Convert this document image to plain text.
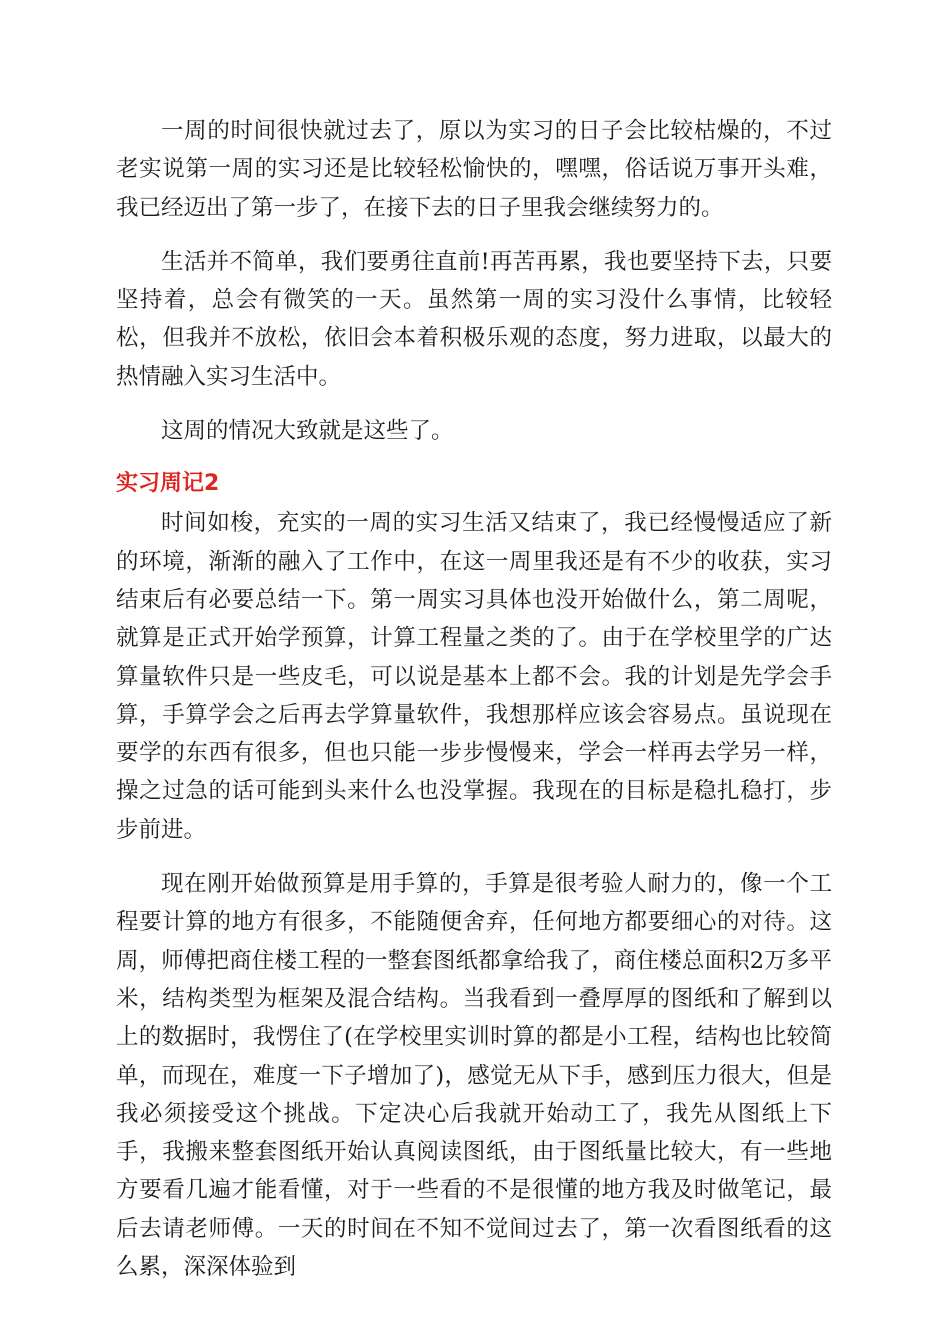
一周的时间很快就过去了，原以为实习的日子会比较枯燥的，不过老实说第一周的实习还是比较轻松愉快的，嘿嘿，俗话说万事开头难，我已经迈出了第一步了，在接下去的日子里我会继续努力的。

生活并不简单，我们要勇往直前!再苦再累，我也要坚持下去，只要坚持着，总会有微笑的一天。虽然第一周的实习没什么事情，比较轻松，但我并不放松，依旧会本着积极乐观的态度，努力进取，以最大的热情融入实习生活中。

这周的情况大致就是这些了。

实习周记2

时间如梭，充实的一周的实习生活又结束了，我已经慢慢适应了新的环境，渐渐的融入了工作中，在这一周里我还是有不少的收获，实习结束后有必要总结一下。第一周实习具体也没开始做什么，第二周呢，就算是正式开始学预算，计算工程量之类的了。由于在学校里学的广达算量软件只是一些皮毛，可以说是基本上都不会。我的计划是先学会手算，手算学会之后再去学算量软件，我想那样应该会容易点。虽说现在要学的东西有很多，但也只能一步步慢慢来，学会一样再去学另一样，操之过急的话可能到头来什么也没掌握。我现在的目标是稳扎稳打，步步前进。

现在刚开始做预算是用手算的，手算是很考验人耐力的，像一个工程要计算的地方有很多，不能随便舍弃，任何地方都要细心的对待。这周，师傅把商住楼工程的一整套图纸都拿给我了，商住楼总面积2万多平米，结构类型为框架及混合结构。当我看到一叠厚厚的图纸和了解到以上的数据时，我愣住了(在学校里实训时算的都是小工程，结构也比较简单，而现在，难度一下子增加了)，感觉无从下手，感到压力很大，但是我必须接受这个挑战。下定决心后我就开始动工了，我先从图纸上下手，我搬来整套图纸开始认真阅读图纸，由于图纸量比较大，有一些地方要看几遍才能看懂，对于一些看的不是很懂的地方我及时做笔记，最后去请老师傅。一天的时间在不知不觉间过去了，第一次看图纸看的这么累，深深体验到
